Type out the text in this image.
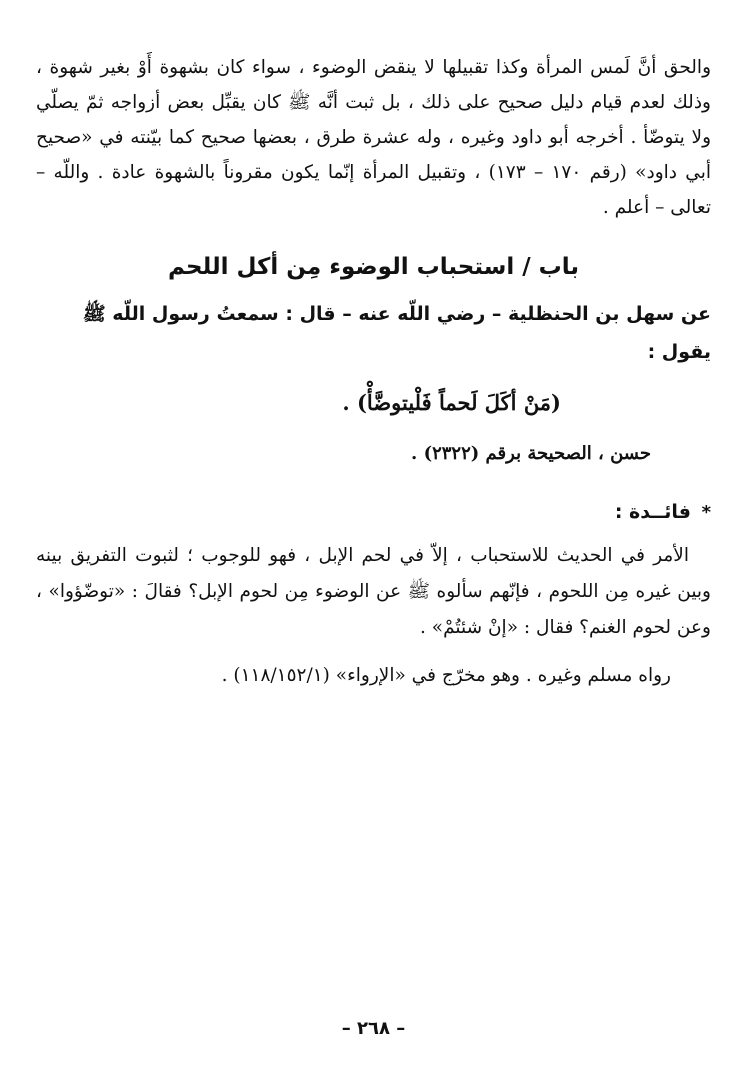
والحق أنَّ لَمس المرأة وكذا تقبيلها لا ينقض الوضوء ، سواء كان بشهوة أَوْ بغير شهوة ، وذلك لعدم قيام دليل صحيح على ذلك ، بل ثبت أنَّه ﷺ كان يقبِّل بعض أزواجه ثمّ يصلّي ولا يتوضّأ . أخرجه أبو داود وغيره ، وله عشرة طرق ، بعضها صحيح كما بيّنته في «صحيح أبي داود» (رقم ١٧٠ – ١٧٣) ، وتقبيل المرأة إنّما يكون مقروناً بالشهوة عادة . واللّه – تعالى – أعلم .

باب / استحباب الوضوء مِن أكل اللحم

عن سهل بن الحنظلية – رضي اللّه عنه – قال : سمعتُ رسول اللّه ﷺ يقول :

(مَنْ أكَلَ لَحماً فَلْيتوضَّأْ) .

حسن ، الصحيحة برقم (٢٣٢٢) .

* فائــدة :

الأمر في الحديث للاستحباب ، إلاّ في لحم الإبل ، فهو للوجوب ؛ لثبوت التفريق بينه وبين غيره مِن اللحوم ، فإنّهم سألوه ﷺ عن الوضوء مِن لحوم الإبل؟ فقالَ : «توضّؤوا» ، وعن لحوم الغنم؟ فقال : «إنْ شئتُمْ» .

رواه مسلم وغيره . وهو مخرّج في «الإرواء» (١١٨/١٥٢/١) .

– ٢٦٨ –
